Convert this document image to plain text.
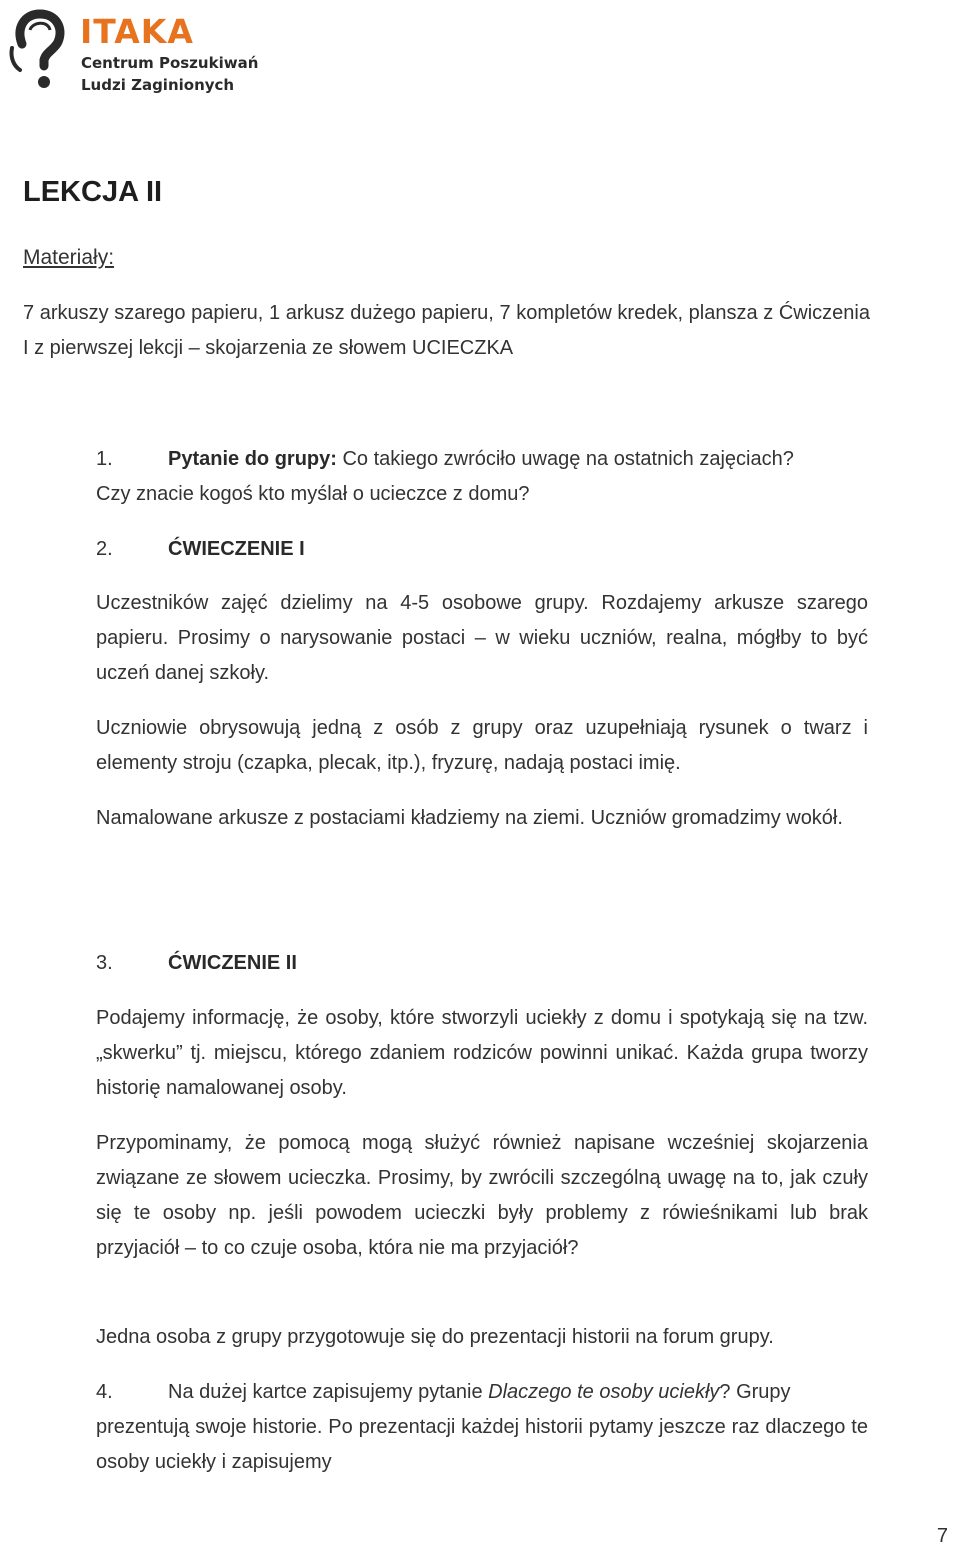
ITAKA

Centrum Poszukiwań

Ludzi Zaginionych

LEKCJA II

Materiały:

7 arkuszy szarego papieru, 1 arkusz dużego papieru, 7 kompletów kredek, plansza z Ćwiczenia I z pierwszej lekcji – skojarzenia ze słowem UCIECZKA

1.	Pytanie do grupy: Co takiego zwróciło uwagę na ostatnich zajęciach?

Czy znacie kogoś kto myślał o ucieczce z domu?

2.	ĆWIECZENIE I

Uczestników zajęć dzielimy na 4-5 osobowe grupy. Rozdajemy arkusze szarego papieru. Prosimy o narysowanie postaci – w wieku uczniów, realna, mógłby to być uczeń danej szkoły.

Uczniowie obrysowują jedną z osób z grupy oraz uzupełniają rysunek o twarz i elementy stroju (czapka, plecak, itp.), fryzurę, nadają postaci imię.

Namalowane arkusze z postaciami kładziemy na ziemi. Uczniów gromadzimy wokół.

3.	ĆWICZENIE II

Podajemy informację, że osoby, które stworzyli uciekły z domu i spotykają się na tzw. „skwerku” tj. miejscu, którego zdaniem rodziców powinni unikać. Każda grupa tworzy historię namalowanej osoby.

Przypominamy, że pomocą mogą służyć również napisane wcześniej skojarzenia związane ze słowem ucieczka. Prosimy, by zwrócili szczególną uwagę na to, jak czuły się te osoby np. jeśli powodem ucieczki były problemy z rówieśnikami lub brak przyjaciół – to co czuje osoba, która nie ma przyjaciół?

Jedna osoba z grupy przygotowuje się do prezentacji historii na forum grupy.

4.	Na dużej kartce zapisujemy pytanie Dlaczego te osoby uciekły? Grupy

prezentują swoje historie. Po prezentacji każdej historii pytamy jeszcze raz dlaczego te osoby uciekły i zapisujemy

7
